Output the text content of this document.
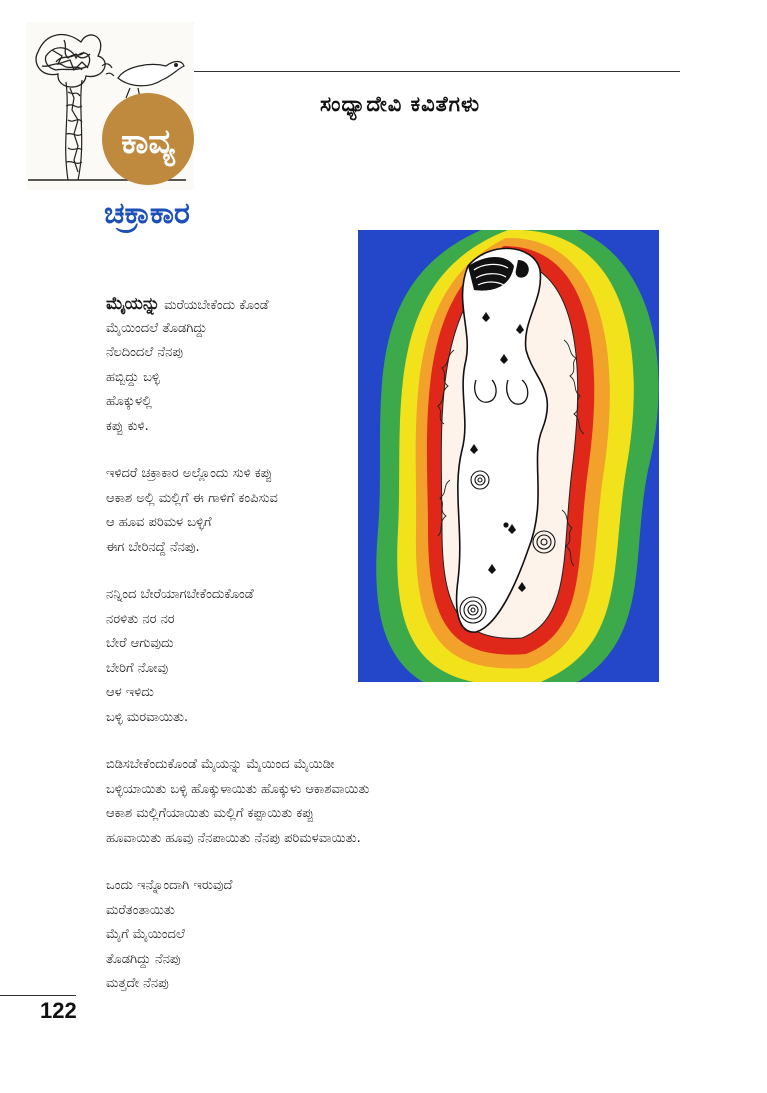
ಕಾವ್ಯ
ಸಂಧ್ಯಾದೇವಿ ಕವಿತೆಗಳು
ಚಕ್ರಾಕಾರ
ಮೈಯನ್ನು ಮರೆಯಬೇಕೆಂದು ಕೊಂಡೆ
ಮೈಯಿಂದಲೆ ತೊಡಗಿದ್ದು
ನೆಲದಿಂದಲೆ ನೆನಪು
ಹಬ್ಬಿದ್ದು ಬಳ್ಳಿ
ಹೊಕ್ಕುಳಲ್ಲಿ
ಕಪ್ಪು ಕುಳಿ.
ಇಳಿದರೆ ಚಕ್ರಾಕಾರ ಅಲ್ಲೊಂದು ಸುಳಿ ಕಪ್ಪು
ಆಕಾಶ ಅಲ್ಲಿ ಮಲ್ಲಿಗೆ ಈ ಗಾಳಿಗೆ ಕಂಪಿಸುವ
ಆ ಹೂವ ಪರಿಮಳ ಬಳ್ಳಿಗೆ
ಈಗ ಬೇರಿನದ್ದೆ ನೆನಪು.
ನನ್ನಿಂದ ಬೇರೆಯಾಗಬೇಕೆಂದುಕೊಂಡೆ
ನರಳಿತು ನರ ನರ
ಬೇರೆ ಆಗುವುದು
ಬೇರಿಗೆ ನೋವು
ಆಳ ಇಳಿದು
ಬಳ್ಳಿ ಮರವಾಯಿತು.
ಬಿಡಿಸಬೇಕೆಂದುಕೊಂಡೆ ಮೈಯನ್ನು ಮೈಯಿಂದ ಮೈಯಿಡೀ
ಬಳ್ಳಿಯಾಯಿತು ಬಳ್ಳಿ ಹೊಕ್ಕುಳಾಯಿತು ಹೊಕ್ಕುಳು ಆಕಾಶವಾಯಿತು
ಆಕಾಶ ಮಲ್ಲಿಗೆಯಾಯಿತು ಮಲ್ಲಿಗೆ ಕಪ್ಪಾಯಿತು ಕಪ್ಪು
ಹೂವಾಯಿತು ಹೂವು ನೆನಪಾಯಿತು ನೆನಪು ಪರಿಮಳವಾಯಿತು.
ಒಂದು ಇನ್ನೊಂದಾಗಿ ಇರುವುದೆ
ಮರೆತಂತಾಯಿತು
ಮೈಗೆ ಮೈಯಿಂದಲೆ
ತೊಡಗಿದ್ದು ನೆನಪು
ಮತ್ತದೇ ನೆನಪು
122
